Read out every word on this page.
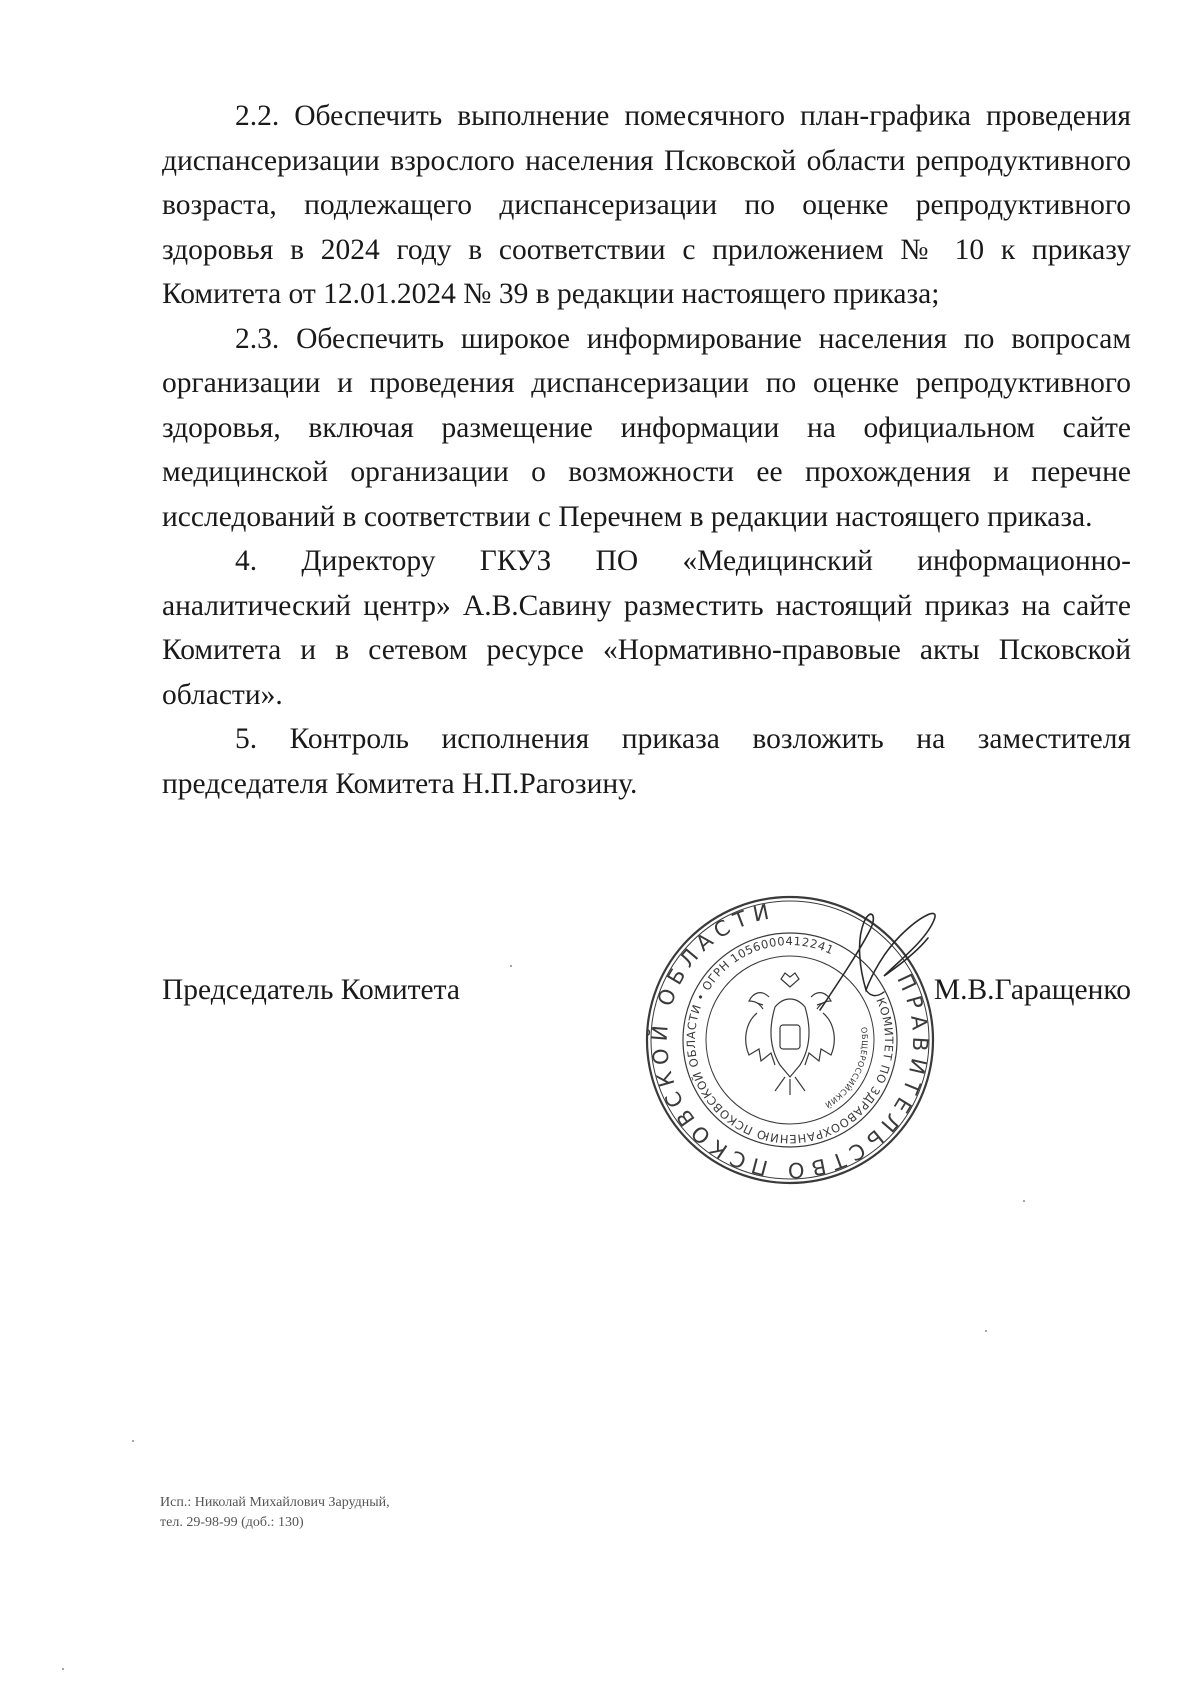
2.2. Обеспечить выполнение помесячного план-графика проведения диспансеризации взрослого населения Псковской области репродуктивного возраста, подлежащего диспансеризации по оценке репродуктивного здоровья в 2024 году в соответствии с приложением № 10 к приказу Комитета от 12.01.2024 № 39 в редакции настоящего приказа;

2.3. Обеспечить широкое информирование населения по вопросам организации и проведения диспансеризации по оценке репродуктивного здоровья, включая размещение информации на официальном сайте медицинской организации о возможности ее прохождения и перечне исследований в соответствии с Перечнем в редакции настоящего приказа.

4. Директору ГКУЗ ПО «Медицинский информационно-аналитический центр» А.В.Савину разместить настоящий приказ на сайте Комитета и в сетевом ресурсе «Нормативно-правовые акты Псковской области».

5. Контроль исполнения приказа возложить на заместителя председателя Комитета Н.П.Рагозину.

ПРАВИТЕЛЬСТВО ПСКОВСКОЙ ОБЛАСТИ
КОМИТЕТ ПО ЗДРАВООХРАНЕНИЮ ПСКОВСКОЙ ОБЛАСТИ • ОГРН 1056000412241
ОБЩЕРОССИЙСКИЙ
Председатель Комитета	М.В.Гаращенко
Исп.: Николай Михайлович Зарудный,
тел. 29-98-99 (доб.: 130)
